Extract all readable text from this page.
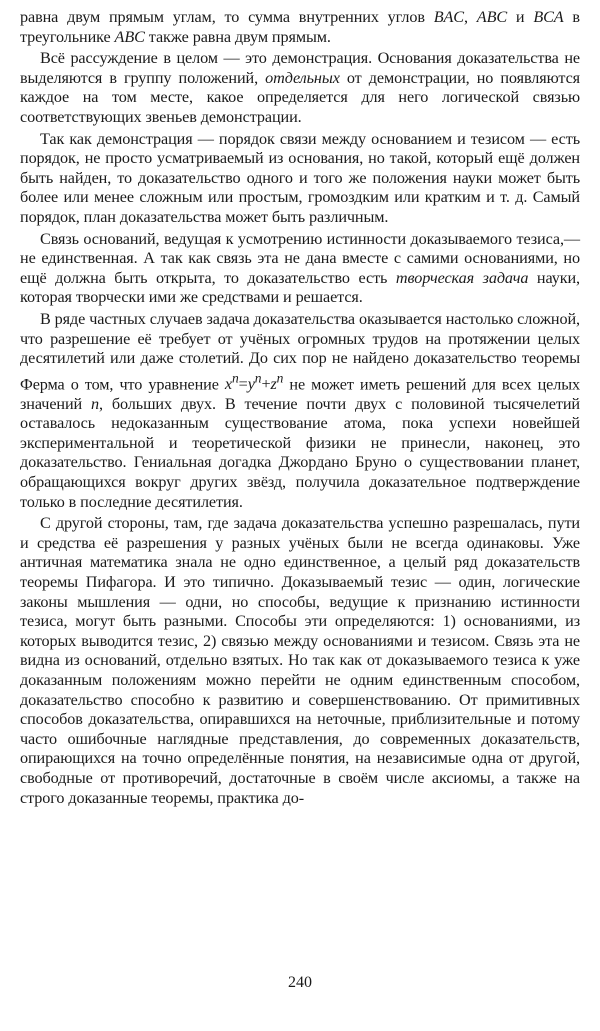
равна двум прямым углам, то сумма внутренних углов BAC, ABC и BCA в треугольнике ABC также равна двум прямым.

Всё рассуждение в целом — это демонстрация. Основания доказательства не выделяются в группу положений, отдельных от демонстрации, но появляются каждое на том месте, какое определяется для него логической связью соответствующих звеньев демонстрации.

Так как демонстрация — порядок связи между основанием и тезисом — есть порядок, не просто усматриваемый из основания, но такой, который ещё должен быть найден, то доказательство одного и того же положения науки может быть более или менее сложным или простым, громоздким или кратким и т. д. Самый порядок, план доказательства может быть различным.

Связь оснований, ведущая к усмотрению истинности доказываемого тезиса,— не единственная. А так как связь эта не дана вместе с самими основаниями, но ещё должна быть открыта, то доказательство есть творческая задача науки, которая творчески ими же средствами и решается.

В ряде частных случаев задача доказательства оказывается настолько сложной, что разрешение её требует от учёных огромных трудов на протяжении целых десятилетий или даже столетий. До сих пор не найдено доказательство теоремы Ферма о том, что уравнение $x^n=y^n+z^n$ не может иметь решений для всех целых значений n, больших двух. В течение почти двух с половиной тысячелетий оставалось недоказанным существование атома, пока успехи новейшей экспериментальной и теоретической физики не принесли, наконец, это доказательство. Гениальная догадка Джордано Бруно о существовании планет, обращающихся вокруг других звёзд, получила доказательное подтверждение только в последние десятилетия.

С другой стороны, там, где задача доказательства успешно разрешалась, пути и средства её разрешения у разных учёных были не всегда одинаковы. Уже античная математика знала не одно единственное, а целый ряд доказательств теоремы Пифагора. И это типично. Доказываемый тезис — один, логические законы мышления — одни, но способы, ведущие к признанию истинности тезиса, могут быть разными. Способы эти определяются: 1) основаниями, из которых выводится тезис, 2) связью между основаниями и тезисом. Связь эта не видна из оснований, отдельно взятых. Но так как от доказываемого тезиса к уже доказанным положениям можно перейти не одним единственным способом, доказательство способно к развитию и совершенствованию. От примитивных способов доказательства, опиравшихся на неточные, приблизительные и потому часто ошибочные наглядные представления, до современных доказательств, опирающихся на точно определённые понятия, на независимые одна от другой, свободные от противоречий, достаточные в своём числе аксиомы, а также на строго доказанные теоремы, практика до-

240
